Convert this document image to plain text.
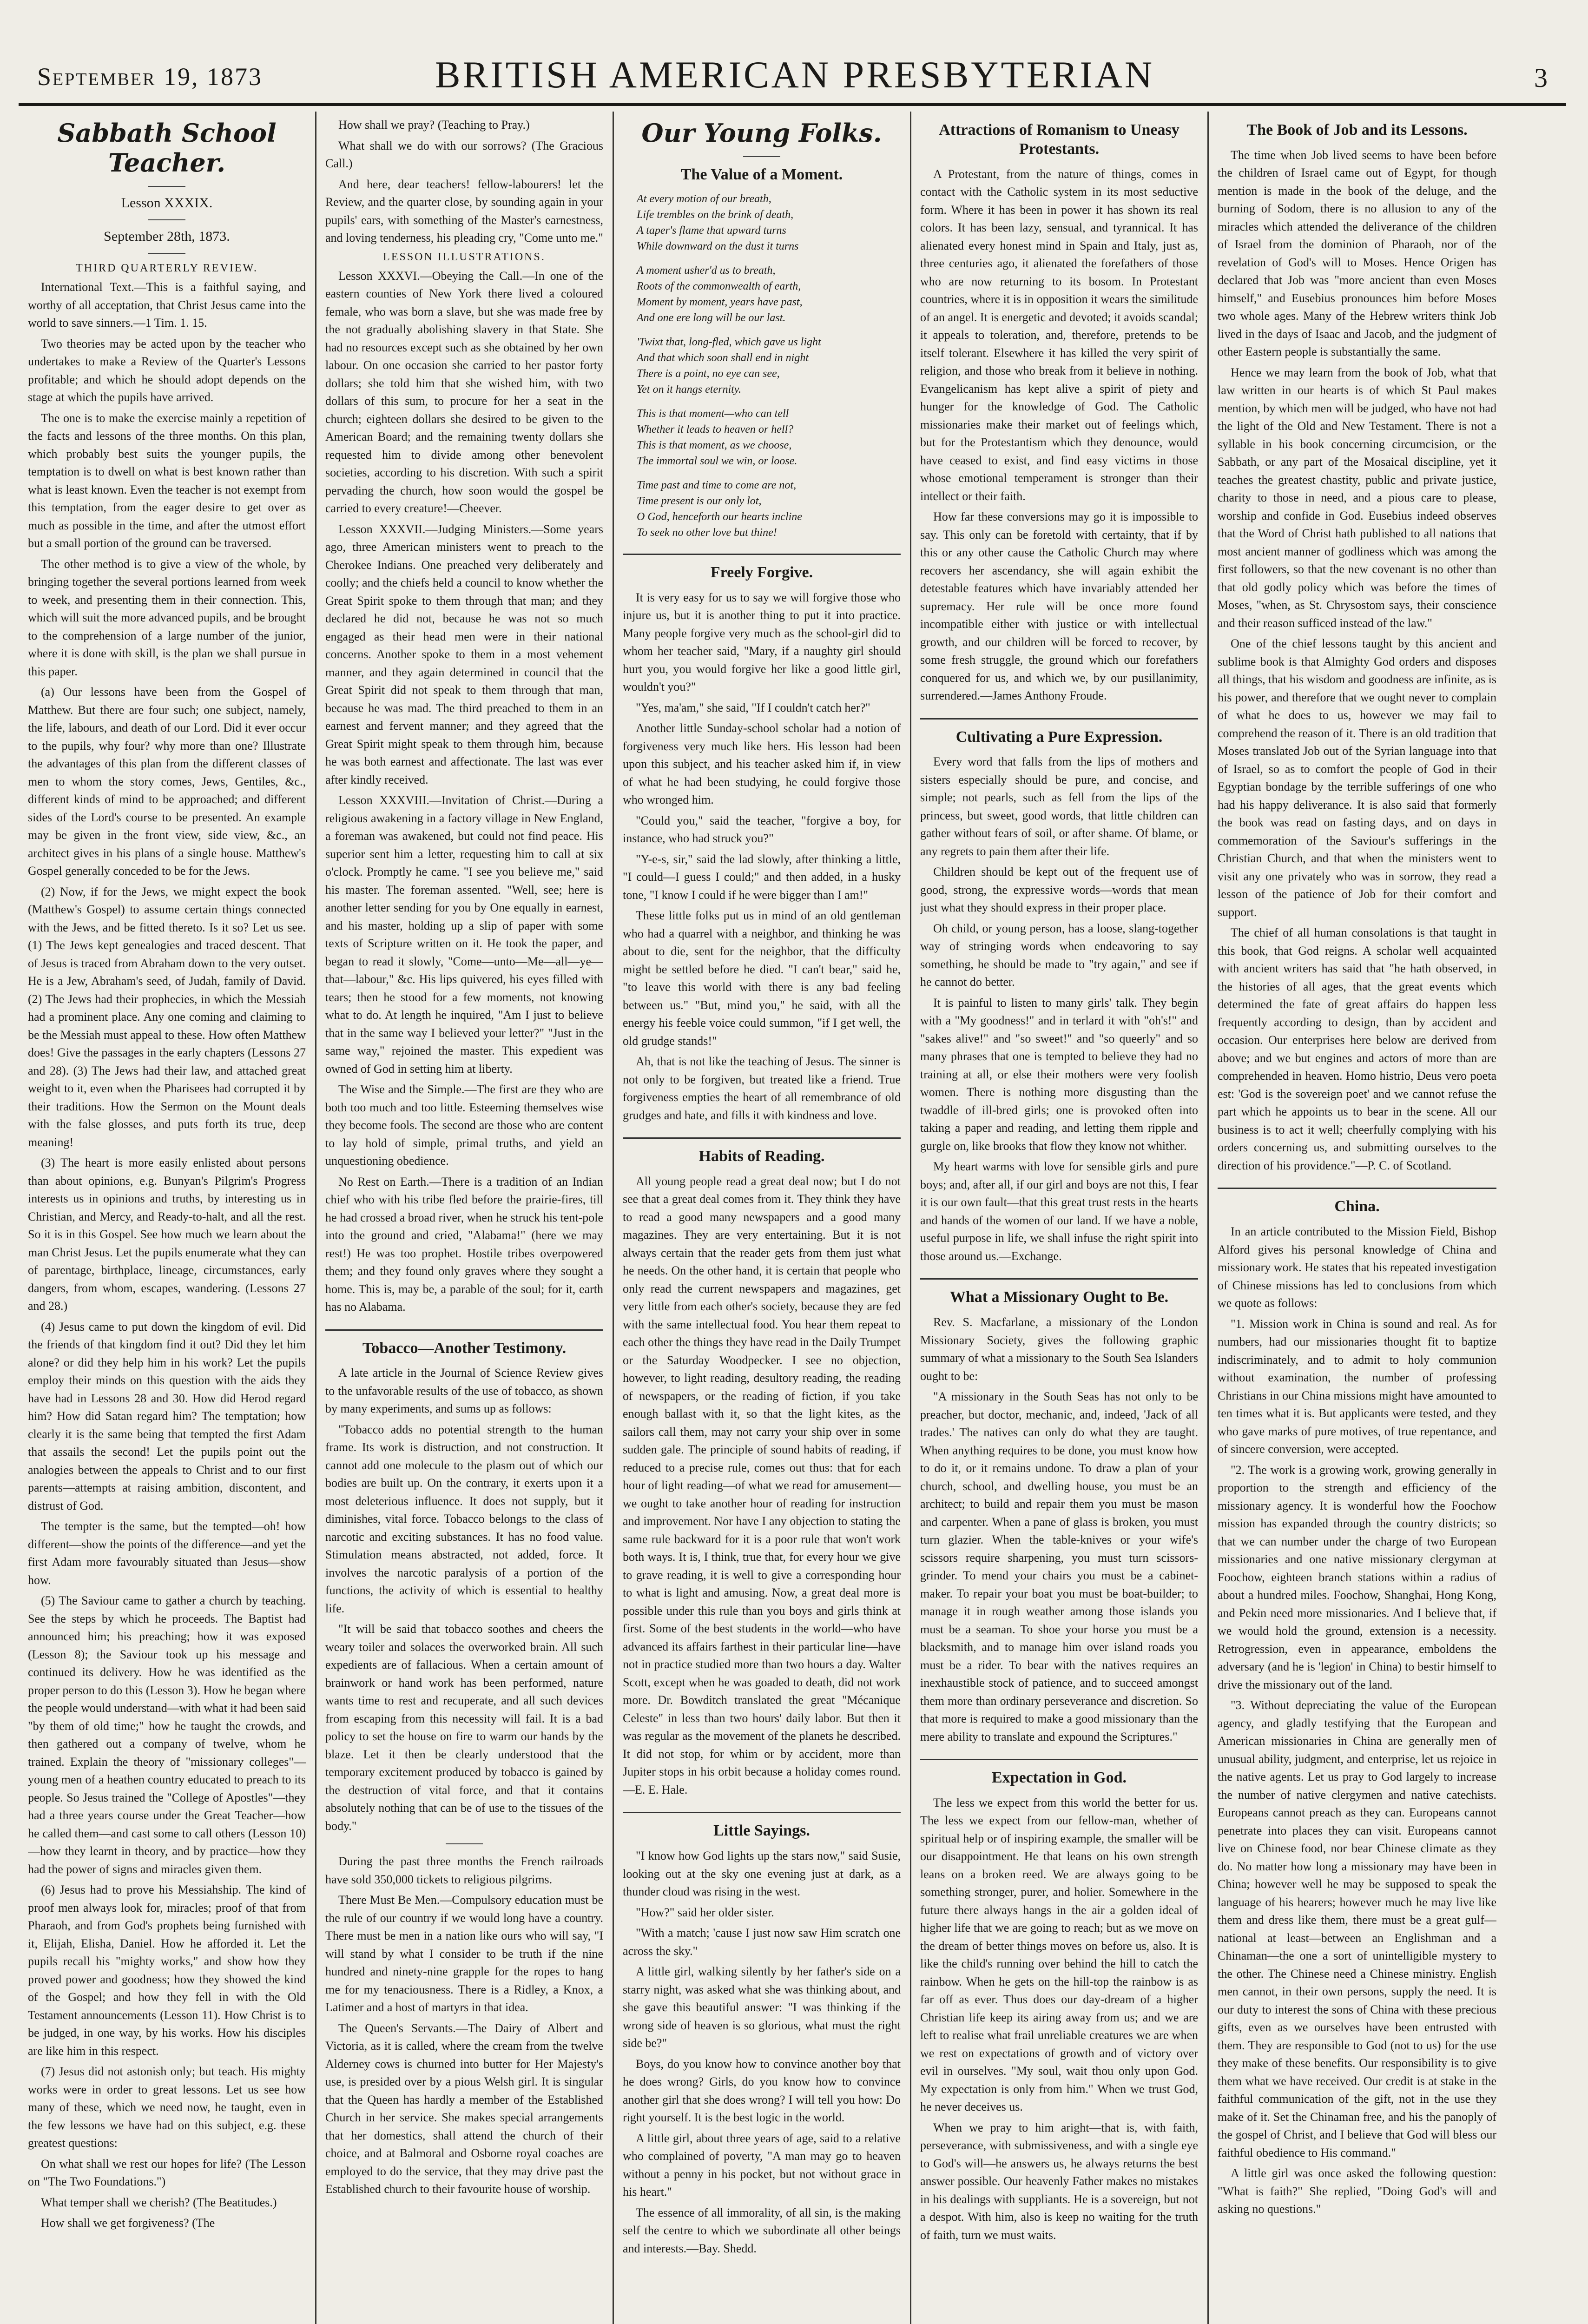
September 19, 1873	BRITISH AMERICAN PRESBYTERIAN	3
Sabbath School Teacher.
Lesson XXXIX.
September 28th, 1873.
THIRD QUARTERLY REVIEW.

International Text.—This is a faithful saying, and worthy of all acceptation, that Christ Jesus came into the world to save sinners.—1 Tim. 1. 15.

Two theories may be acted upon by the teacher who undertakes to make a Review of the Quarter's Lessons profitable; and which he should adopt depends on the stage at which the pupils have arrived.

The one is to make the exercise mainly a repetition of the facts and lessons of the three months. On this plan, which probably best suits the younger pupils, the temptation is to dwell on what is best known rather than what is least known. Even the teacher is not exempt from this temptation, from the eager desire to get over as much as possible in the time, and after the utmost effort but a small portion of the ground can be traversed.

The other method is to give a view of the whole, by bringing together the several portions learned from week to week, and presenting them in their connection. This, which will suit the more advanced pupils, and be brought to the comprehension of a large number of the junior, where it is done with skill, is the plan we shall pursue in this paper.

(a) Our lessons have been from the Gospel of Matthew. But there are four such; one subject, namely, the life, labours, and death of our Lord. Did it ever occur to the pupils, why four? why more than one? Illustrate the advantages of this plan from the different classes of men to whom the story comes, Jews, Gentiles, &c., different kinds of mind to be approached; and different sides of the Lord's course to be presented. An example may be given in the front view, side view, &c., an architect gives in his plans of a single house. Matthew's Gospel generally conceded to be for the Jews.

(2) Now, if for the Jews, we might expect the book (Matthew's Gospel) to assume certain things connected with the Jews, and be fitted thereto. Is it so? Let us see. (1) The Jews kept genealogies and traced descent. That of Jesus is traced from Abraham down to the very outset. He is a Jew, Abraham's seed, of Judah, family of David. (2) The Jews had their prophecies, in which the Messiah had a prominent place. Any one coming and claiming to be the Messiah must appeal to these. How often Matthew does! Give the passages in the early chapters (Lessons 27 and 28). (3) The Jews had their law, and attached great weight to it, even when the Pharisees had corrupted it by their traditions. How the Sermon on the Mount deals with the false glosses, and puts forth its true, deep meaning!

(3) The heart is more easily enlisted about persons than about opinions, e.g. Bunyan's Pilgrim's Progress interests us in opinions and truths, by interesting us in Christian, and Mercy, and Ready-to-halt, and all the rest. So it is in this Gospel. See how much we learn about the man Christ Jesus. Let the pupils enumerate what they can of parentage, birthplace, lineage, circumstances, early dangers, from whom, escapes, wandering. (Lessons 27 and 28.)

(4) Jesus came to put down the kingdom of evil. Did the friends of that kingdom find it out? Did they let him alone? or did they help him in his work? Let the pupils employ their minds on this question with the aids they have had in Lessons 28 and 30. How did Herod regard him? How did Satan regard him? The temptation; how clearly it is the same being that tempted the first Adam that assails the second! Let the pupils point out the analogies between the appeals to Christ and to our first parents—attempts at raising ambition, discontent, and distrust of God.

The tempter is the same, but the tempted—oh! how different—show the points of the difference—and yet the first Adam more favourably situated than Jesus—show how.

(5) The Saviour came to gather a church by teaching. See the steps by which he proceeds. The Baptist had announced him; his preaching; how it was exposed (Lesson 8); the Saviour took up his message and continued its delivery. How he was identified as the proper person to do this (Lesson 3). How he began where the people would understand—with what it had been said "by them of old time;" how he taught the crowds, and then gathered out a company of twelve, whom he trained. Explain the theory of "missionary colleges"—young men of a heathen country educated to preach to its people. So Jesus trained the "College of Apostles"—they had a three years course under the Great Teacher—how he called them—and cast some to call others (Lesson 10)—how they learnt in theory, and by practice—how they had the power of signs and miracles given them.

(6) Jesus had to prove his Messiahship. The kind of proof men always look for, miracles; proof of that from Pharaoh, and from God's prophets being furnished with it, Elijah, Elisha, Daniel. How he afforded it. Let the pupils recall his "mighty works," and show how they proved power and goodness; how they showed the kind of the Gospel; and how they fell in with the Old Testament announcements (Lesson 11). How Christ is to be judged, in one way, by his works. How his disciples are like him in this respect.

(7) Jesus did not astonish only; but teach. His mighty works were in order to great lessons. Let us see how many of these, which we need now, he taught, even in the few lessons we have had on this subject, e.g. these greatest questions:

On what shall we rest our hopes for life? (The Lesson on "The Two Foundations.")

What temper shall we cherish? (The Beatitudes.)

How shall we get forgiveness? (The

How shall we pray? (Teaching to Pray.)

What shall we do with our sorrows? (The Gracious Call.)

And here, dear teachers! fellow-labourers! let the Review, and the quarter close, by sounding again in your pupils' ears, with something of the Master's earnestness, and loving tenderness, his pleading cry, "Come unto me."

LESSON ILLUSTRATIONS.

Lesson XXXVI.—Obeying the Call.—In one of the eastern counties of New York there lived a coloured female, who was born a slave, but she was made free by the not gradually abolishing slavery in that State. She had no resources except such as she obtained by her own labour. On one occasion she carried to her pastor forty dollars; she told him that she wished him, with two dollars of this sum, to procure for her a seat in the church; eighteen dollars she desired to be given to the American Board; and the remaining twenty dollars she requested him to divide among other benevolent societies, according to his discretion. With such a spirit pervading the church, how soon would the gospel be carried to every creature!—Cheever.

Lesson XXXVII.—Judging Ministers.—Some years ago, three American ministers went to preach to the Cherokee Indians. One preached very deliberately and coolly; and the chiefs held a council to know whether the Great Spirit spoke to them through that man; and they declared he did not, because he was not so much engaged as their head men were in their national concerns. Another spoke to them in a most vehement manner, and they again determined in council that the Great Spirit did not speak to them through that man, because he was mad. The third preached to them in an earnest and fervent manner; and they agreed that the Great Spirit might speak to them through him, because he was both earnest and affectionate. The last was ever after kindly received.

Lesson XXXVIII.—Invitation of Christ.—During a religious awakening in a factory village in New England, a foreman was awakened, but could not find peace. His superior sent him a letter, requesting him to call at six o'clock. Promptly he came. "I see you believe me," said his master. The foreman assented. "Well, see; here is another letter sending for you by One equally in earnest, and his master, holding up a slip of paper with some texts of Scripture written on it. He took the paper, and began to read it slowly, "Come—unto—Me—all—ye—that—labour," &c. His lips quivered, his eyes filled with tears; then he stood for a few moments, not knowing what to do. At length he inquired, "Am I just to believe that in the same way I believed your letter?" "Just in the same way," rejoined the master. This expedient was owned of God in setting him at liberty.

The Wise and the Simple.—The first are they who are both too much and too little. Esteeming themselves wise they become fools. The second are those who are content to lay hold of simple, primal truths, and yield an unquestioning obedience.

No Rest on Earth.—There is a tradition of an Indian chief who with his tribe fled before the prairie-fires, till he had crossed a broad river, when he struck his tent-pole into the ground and cried, "Alabama!" (here we may rest!) He was too prophet. Hostile tribes overpowered them; and they found only graves where they sought a home. This is, may be, a parable of the soul; for it, earth has no Alabama.

Tobacco—Another Testimony.

A late article in the Journal of Science Review gives to the unfavorable results of the use of tobacco, as shown by many experiments, and sums up as follows:

"Tobacco adds no potential strength to the human frame. Its work is distruction, and not construction. It cannot add one molecule to the plasm out of which our bodies are built up. On the contrary, it exerts upon it a most deleterious influence. It does not supply, but it diminishes, vital force. Tobacco belongs to the class of narcotic and exciting substances. It has no food value. Stimulation means abstracted, not added, force. It involves the narcotic paralysis of a portion of the functions, the activity of which is essential to healthy life.

"It will be said that tobacco soothes and cheers the weary toiler and solaces the overworked brain. All such expedients are of fallacious. When a certain amount of brainwork or hand work has been performed, nature wants time to rest and recuperate, and all such devices from escaping from this necessity will fail. It is a bad policy to set the house on fire to warm our hands by the blaze. Let it then be clearly understood that the temporary excitement produced by tobacco is gained by the destruction of vital force, and that it contains absolutely nothing that can be of use to the tissues of the body."

During the past three months the French railroads have sold 350,000 tickets to religious pilgrims.

There Must Be Men.—Compulsory education must be the rule of our country if we would long have a country. There must be men in a nation like ours who will say, "I will stand by what I consider to be truth if the nine hundred and ninety-nine grapple for the ropes to hang me for my tenaciousness. There is a Ridley, a Knox, a Latimer and a host of martyrs in that idea.

The Queen's Servants.—The Dairy of Albert and Victoria, as it is called, where the cream from the twelve Alderney cows is churned into butter for Her Majesty's use, is presided over by a pious Welsh girl. It is singular that the Queen has hardly a member of the Established Church in her service. She makes special arrangements that her domestics, shall attend the church of their choice, and at Balmoral and Osborne royal coaches are employed to do the service, that they may drive past the Established church to their favourite house of worship.

Our Young Folks.
The Value of a Moment.
At every motion of our breath,
Life trembles on the brink of death,
A taper's flame that upward turns
While downward on the dust it turns
A moment usher'd us to breath,
Roots of the commonwealth of earth,
Moment by moment, years have past,
And one ere long will be our last.
'Twixt that, long-fled, which gave us light
And that which soon shall end in night
There is a point, no eye can see,
Yet on it hangs eternity.
This is that moment—who can tell
Whether it leads to heaven or hell?
This is that moment, as we choose,
The immortal soul we win, or loose.
Time past and time to come are not,
Time present is our only lot,
O God, henceforth our hearts incline
To seek no other love but thine!
Freely Forgive.

It is very easy for us to say we will forgive those who injure us, but it is another thing to put it into practice. Many people forgive very much as the school-girl did to whom her teacher said, "Mary, if a naughty girl should hurt you, you would forgive her like a good little girl, wouldn't you?"

"Yes, ma'am," she said, "If I couldn't catch her?"

Another little Sunday-school scholar had a notion of forgiveness very much like hers. His lesson had been upon this subject, and his teacher asked him if, in view of what he had been studying, he could forgive those who wronged him.

"Could you," said the teacher, "forgive a boy, for instance, who had struck you?"

"Y-e-s, sir," said the lad slowly, after thinking a little, "I could—I guess I could;" and then added, in a husky tone, "I know I could if he were bigger than I am!"

These little folks put us in mind of an old gentleman who had a quarrel with a neighbor, and thinking he was about to die, sent for the neighbor, that the difficulty might be settled before he died. "I can't bear," said he, "to leave this world with there is any bad feeling between us." "But, mind you," he said, with all the energy his feeble voice could summon, "if I get well, the old grudge stands!"

Ah, that is not like the teaching of Jesus. The sinner is not only to be forgiven, but treated like a friend. True forgiveness empties the heart of all remembrance of old grudges and hate, and fills it with kindness and love.

Habits of Reading.

All young people read a great deal now; but I do not see that a great deal comes from it. They think they have to read a good many newspapers and a good many magazines. They are very entertaining. But it is not always certain that the reader gets from them just what he needs. On the other hand, it is certain that people who only read the current newspapers and magazines, get very little from each other's society, because they are fed with the same intellectual food. You hear them repeat to each other the things they have read in the Daily Trumpet or the Saturday Woodpecker. I see no objection, however, to light reading, desultory reading, the reading of newspapers, or the reading of fiction, if you take enough ballast with it, so that the light kites, as the sailors call them, may not carry your ship over in some sudden gale. The principle of sound habits of reading, if reduced to a precise rule, comes out thus: that for each hour of light reading—of what we read for amusement—we ought to take another hour of reading for instruction and improvement. Nor have I any objection to stating the same rule backward for it is a poor rule that won't work both ways. It is, I think, true that, for every hour we give to grave reading, it is well to give a corresponding hour to what is light and amusing. Now, a great deal more is possible under this rule than you boys and girls think at first. Some of the best students in the world—who have advanced its affairs farthest in their particular line—have not in practice studied more than two hours a day. Walter Scott, except when he was goaded to death, did not work more. Dr. Bowditch translated the great "Mécanique Celeste" in less than two hours' daily labor. But then it was regular as the movement of the planets he described. It did not stop, for whim or by accident, more than Jupiter stops in his orbit because a holiday comes round.—E. E. Hale.

Little Sayings.

"I know how God lights up the stars now," said Susie, looking out at the sky one evening just at dark, as a thunder cloud was rising in the west.

"How?" said her older sister.

"With a match; 'cause I just now saw Him scratch one across the sky."

A little girl, walking silently by her father's side on a starry night, was asked what she was thinking about, and she gave this beautiful answer: "I was thinking if the wrong side of heaven is so glorious, what must the right side be?"

Boys, do you know how to convince another boy that he does wrong? Girls, do you know how to convince another girl that she does wrong? I will tell you how: Do right yourself. It is the best logic in the world.

A little girl, about three years of age, said to a relative who complained of poverty, "A man may go to heaven without a penny in his pocket, but not without grace in his heart."

The essence of all immorality, of all sin, is the making self the centre to which we subordinate all other beings and interests.—Bay. Shedd.

Attractions of Romanism to Uneasy Protestants.

A Protestant, from the nature of things, comes in contact with the Catholic system in its most seductive form. Where it has been in power it has shown its real colors. It has been lazy, sensual, and tyrannical. It has alienated every honest mind in Spain and Italy, just as, three centuries ago, it alienated the forefathers of those who are now returning to its bosom. In Protestant countries, where it is in opposition it wears the similitude of an angel. It is energetic and devoted; it avoids scandal; it appeals to toleration, and, therefore, pretends to be itself tolerant. Elsewhere it has killed the very spirit of religion, and those who break from it believe in nothing. Evangelicanism has kept alive a spirit of piety and hunger for the knowledge of God. The Catholic missionaries make their market out of feelings which, but for the Protestantism which they denounce, would have ceased to exist, and find easy victims in those whose emotional temperament is stronger than their intellect or their faith.

How far these conversions may go it is impossible to say. This only can be foretold with certainty, that if by this or any other cause the Catholic Church may where recovers her ascendancy, she will again exhibit the detestable features which have invariably attended her supremacy. Her rule will be once more found incompatible either with justice or with intellectual growth, and our children will be forced to recover, by some fresh struggle, the ground which our forefathers conquered for us, and which we, by our pusillanimity, surrendered.—James Anthony Froude.

Cultivating a Pure Expression.

Every word that falls from the lips of mothers and sisters especially should be pure, and concise, and simple; not pearls, such as fell from the lips of the princess, but sweet, good words, that little children can gather without fears of soil, or after shame. Of blame, or any regrets to pain them after their life.

Children should be kept out of the frequent use of good, strong, the expressive words—words that mean just what they should express in their proper place.

Oh child, or young person, has a loose, slang-together way of stringing words when endeavoring to say something, he should be made to "try again," and see if he cannot do better.

It is painful to listen to many girls' talk. They begin with a "My goodness!" and in terlard it with "oh's!" and "sakes alive!" and "so sweet!" and "so queerly" and so many phrases that one is tempted to believe they had no training at all, or else their mothers were very foolish women. There is nothing more disgusting than the twaddle of ill-bred girls; one is provoked often into taking a paper and reading, and letting them ripple and gurgle on, like brooks that flow they know not whither.

My heart warms with love for sensible girls and pure boys; and, after all, if our girl and boys are not this, I fear it is our own fault—that this great trust rests in the hearts and hands of the women of our land. If we have a noble, useful purpose in life, we shall infuse the right spirit into those around us.—Exchange.

What a Missionary Ought to Be.

Rev. S. Macfarlane, a missionary of the London Missionary Society, gives the following graphic summary of what a missionary to the South Sea Islanders ought to be:

"A missionary in the South Seas has not only to be preacher, but doctor, mechanic, and, indeed, 'Jack of all trades.' The natives can only do what they are taught. When anything requires to be done, you must know how to do it, or it remains undone. To draw a plan of your church, school, and dwelling house, you must be an architect; to build and repair them you must be mason and carpenter. When a pane of glass is broken, you must turn glazier. When the table-knives or your wife's scissors require sharpening, you must turn scissors-grinder. To mend your chairs you must be a cabinet-maker. To repair your boat you must be boat-builder; to manage it in rough weather among those islands you must be a seaman. To shoe your horse you must be a blacksmith, and to manage him over island roads you must be a rider. To bear with the natives requires an inexhaustible stock of patience, and to succeed amongst them more than ordinary perseverance and discretion. So that more is required to make a good missionary than the mere ability to translate and expound the Scriptures."

Expectation in God.

The less we expect from this world the better for us. The less we expect from our fellow-man, whether of spiritual help or of inspiring example, the smaller will be our disappointment. He that leans on his own strength leans on a broken reed. We are always going to be something stronger, purer, and holier. Somewhere in the future there always hangs in the air a golden ideal of higher life that we are going to reach; but as we move on the dream of better things moves on before us, also. It is like the child's running over behind the hill to catch the rainbow. When he gets on the hill-top the rainbow is as far off as ever. Thus does our day-dream of a higher Christian life keep its airing away from us; and we are left to realise what frail unreliable creatures we are when we rest on expectations of growth and of victory over evil in ourselves. "My soul, wait thou only upon God. My expectation is only from him." When we trust God, he never deceives us.

When we pray to him aright—that is, with faith, perseverance, with submissiveness, and with a single eye to God's will—he answers us, he always returns the best answer possible. Our heavenly Father makes no mistakes in his dealings with suppliants. He is a sovereign, but not a despot. With him, also is keep no waiting for the truth of faith, turn we must waits.

The Book of Job and its Lessons.

The time when Job lived seems to have been before the children of Israel came out of Egypt, for though mention is made in the book of the deluge, and the burning of Sodom, there is no allusion to any of the miracles which attended the deliverance of the children of Israel from the dominion of Pharaoh, nor of the revelation of God's will to Moses. Hence Origen has declared that Job was "more ancient than even Moses himself," and Eusebius pronounces him before Moses two whole ages. Many of the Hebrew writers think Job lived in the days of Isaac and Jacob, and the judgment of other Eastern people is substantially the same.

Hence we may learn from the book of Job, what that law written in our hearts is of which St Paul makes mention, by which men will be judged, who have not had the light of the Old and New Testament. There is not a syllable in his book concerning circumcision, or the Sabbath, or any part of the Mosaical discipline, yet it teaches the greatest chastity, public and private justice, charity to those in need, and a pious care to please, worship and confide in God. Eusebius indeed observes that the Word of Christ hath published to all nations that most ancient manner of godliness which was among the first followers, so that the new covenant is no other than that old godly policy which was before the times of Moses, "when, as St. Chrysostom says, their conscience and their reason sufficed instead of the law."

One of the chief lessons taught by this ancient and sublime book is that Almighty God orders and disposes all things, that his wisdom and goodness are infinite, as is his power, and therefore that we ought never to complain of what he does to us, however we may fail to comprehend the reason of it. There is an old tradition that Moses translated Job out of the Syrian language into that of Israel, so as to comfort the people of God in their Egyptian bondage by the terrible sufferings of one who had his happy deliverance. It is also said that formerly the book was read on fasting days, and on days in commemoration of the Saviour's sufferings in the Christian Church, and that when the ministers went to visit any one privately who was in sorrow, they read a lesson of the patience of Job for their comfort and support.

The chief of all human consolations is that taught in this book, that God reigns. A scholar well acquainted with ancient writers has said that "he hath observed, in the histories of all ages, that the great events which determined the fate of great affairs do happen less frequently according to design, than by accident and occasion. Our enterprises here below are derived from above; and we but engines and actors of more than are comprehended in heaven. Homo histrio, Deus vero poeta est: 'God is the sovereign poet' and we cannot refuse the part which he appoints us to bear in the scene. All our business is to act it well; cheerfully complying with his orders concerning us, and submitting ourselves to the direction of his providence."—P. C. of Scotland.

China.

In an article contributed to the Mission Field, Bishop Alford gives his personal knowledge of China and missionary work. He states that his repeated investigation of Chinese missions has led to conclusions from which we quote as follows:

"1. Mission work in China is sound and real. As for numbers, had our missionaries thought fit to baptize indiscriminately, and to admit to holy communion without examination, the number of professing Christians in our China missions might have amounted to ten times what it is. But applicants were tested, and they who gave marks of pure motives, of true repentance, and of sincere conversion, were accepted.

"2. The work is a growing work, growing generally in proportion to the strength and efficiency of the missionary agency. It is wonderful how the Foochow mission has expanded through the country districts; so that we can number under the charge of two European missionaries and one native missionary clergyman at Foochow, eighteen branch stations within a radius of about a hundred miles. Foochow, Shanghai, Hong Kong, and Pekin need more missionaries. And I believe that, if we would hold the ground, extension is a necessity. Retrogression, even in appearance, emboldens the adversary (and he is 'legion' in China) to bestir himself to drive the missionary out of the land.

"3. Without depreciating the value of the European agency, and gladly testifying that the European and American missionaries in China are generally men of unusual ability, judgment, and enterprise, let us rejoice in the native agents. Let us pray to God largely to increase the number of native clergymen and native catechists. Europeans cannot preach as they can. Europeans cannot penetrate into places they can visit. Europeans cannot live on Chinese food, nor bear Chinese climate as they do. No matter how long a missionary may have been in China; however well he may be supposed to speak the language of his hearers; however much he may live like them and dress like them, there must be a great gulf—national at least—between an Englishman and a Chinaman—the one a sort of unintelligible mystery to the other. The Chinese need a Chinese ministry. English men cannot, in their own persons, supply the need. It is our duty to interest the sons of China with these precious gifts, even as we ourselves have been entrusted with them. They are responsible to God (not to us) for the use they make of these benefits. Our responsibility is to give them what we have received. Our credit is at stake in the faithful communication of the gift, not in the use they make of it. Set the Chinaman free, and his the panoply of the gospel of Christ, and I believe that God will bless our faithful obedience to His command."

A little girl was once asked the following question: "What is faith?" She replied, "Doing God's will and asking no questions."
